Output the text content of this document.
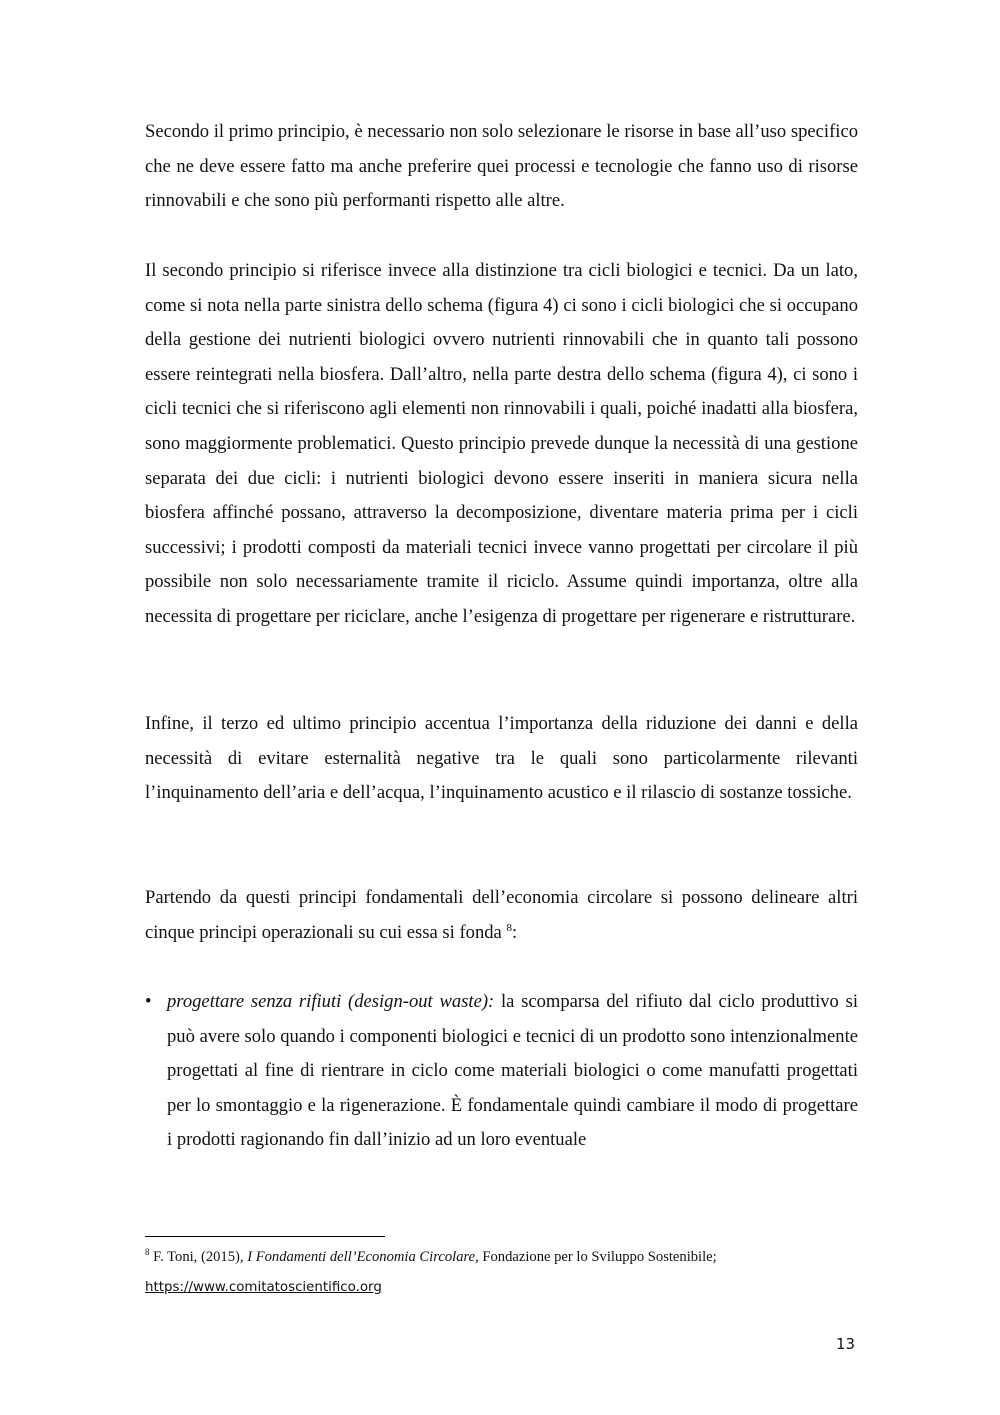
Secondo il primo principio, è necessario non solo selezionare le risorse in base all’uso specifico che ne deve essere fatto ma anche preferire quei processi e tecnologie che fanno uso di risorse rinnovabili e che sono più performanti rispetto alle altre.

Il secondo principio si riferisce invece alla distinzione tra cicli biologici e tecnici. Da un lato, come si nota nella parte sinistra dello schema (figura 4) ci sono i cicli biologici che si occupano della gestione dei nutrienti biologici ovvero nutrienti rinnovabili che in quanto tali possono essere reintegrati nella biosfera. Dall’altro, nella parte destra dello schema (figura 4), ci sono i cicli tecnici che si riferiscono agli elementi non rinnovabili i quali, poiché inadatti alla biosfera, sono maggiormente problematici. Questo principio prevede dunque la necessità di una gestione separata dei due cicli: i nutrienti biologici devono essere inseriti in maniera sicura nella biosfera affinché possano, attraverso la decomposizione, diventare materia prima per i cicli successivi; i prodotti composti da materiali tecnici invece vanno progettati per circolare il più possibile non solo necessariamente tramite il riciclo. Assume quindi importanza, oltre alla necessita di progettare per riciclare, anche l’esigenza di progettare per rigenerare e ristrutturare.

Infine, il terzo ed ultimo principio accentua l’importanza della riduzione dei danni e della necessità di evitare esternalità negative tra le quali sono particolarmente rilevanti l’inquinamento dell’aria e dell’acqua, l’inquinamento acustico e il rilascio di sostanze tossiche.

Partendo da questi principi fondamentali dell’economia circolare si possono delineare altri cinque principi operazionali su cui essa si fonda $^8$:

• progettare senza rifiuti (design-out waste): la scomparsa del rifiuto dal ciclo produttivo si può avere solo quando i componenti biologici e tecnici di un prodotto sono intenzionalmente progettati al fine di rientrare in ciclo come materiali biologici o come manufatti progettati per lo smontaggio e la rigenerazione. È fondamentale quindi cambiare il modo di progettare i prodotti ragionando fin dall’inizio ad un loro eventuale

$^8$ F. Toni, (2015), I Fondamenti dell’Economia Circolare, Fondazione per lo Sviluppo Sostenibile;

https://www.comitatoscientifico.org
13
